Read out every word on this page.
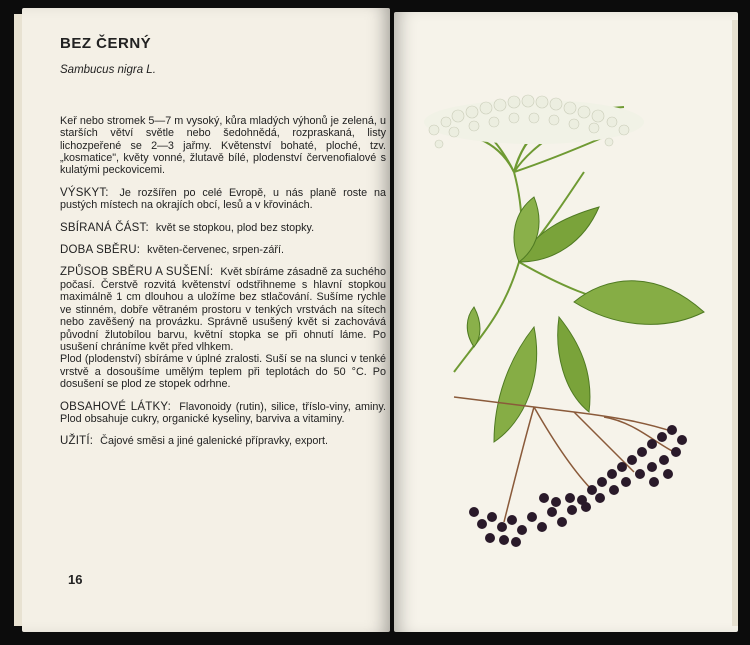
BEZ ČERNÝ
Sambucus nigra L.
Keř nebo stromek 5—7 m vysoký, kůra mladých výhonů je zelená, u starších větví světle nebo šedohnědá, rozpraskaná, listy lichozpeřené se 2—3 jařmy. Květenství bohaté, ploché, tzv. „kosmatice", květy vonné, žlutavě bílé, plodenství červenofialové s kulatými peckovicemi.
VÝSKYT: Je rozšířen po celé Evropě, u nás planě roste na pustých místech na okrajích obcí, lesů a v křovinách.
SBÍRANÁ ČÁST: květ se stopkou, plod bez stopky.
DOBA SBĚRU: květen-červenec, srpen-září.
ZPŮSOB SBĚRU A SUŠENÍ: Květ sbíráme zásadně za suchého počasí. Čerstvě rozvitá květenství odstřihneme s hlavní stopkou maximálně 1 cm dlouhou a uložíme bez stlačování. Sušíme rychle ve stinném, dobře větraném prostoru v tenkých vrstvách na sítech nebo zavěšený na provázku. Správně usušený květ si zachovává původní žlutobílou barvu, květní stopka se při ohnutí láme. Po usušení chráníme květ před vlhkem.
Plod (plodenství) sbíráme v úplné zralosti. Suší se na slunci v tenké vrstvě a dosoušíme umělým teplem při teplotách do 50 °C. Po dosušení se plod ze stopek odrhne.
OBSAHOVÉ LÁTKY: Flavonoidy (rutin), silice, tříslo-viny, aminy. Plod obsahuje cukry, organické kyseliny, barviva a vitaminy.
UŽITÍ: Čajové směsi a jiné galenické přípravky, export.
16
